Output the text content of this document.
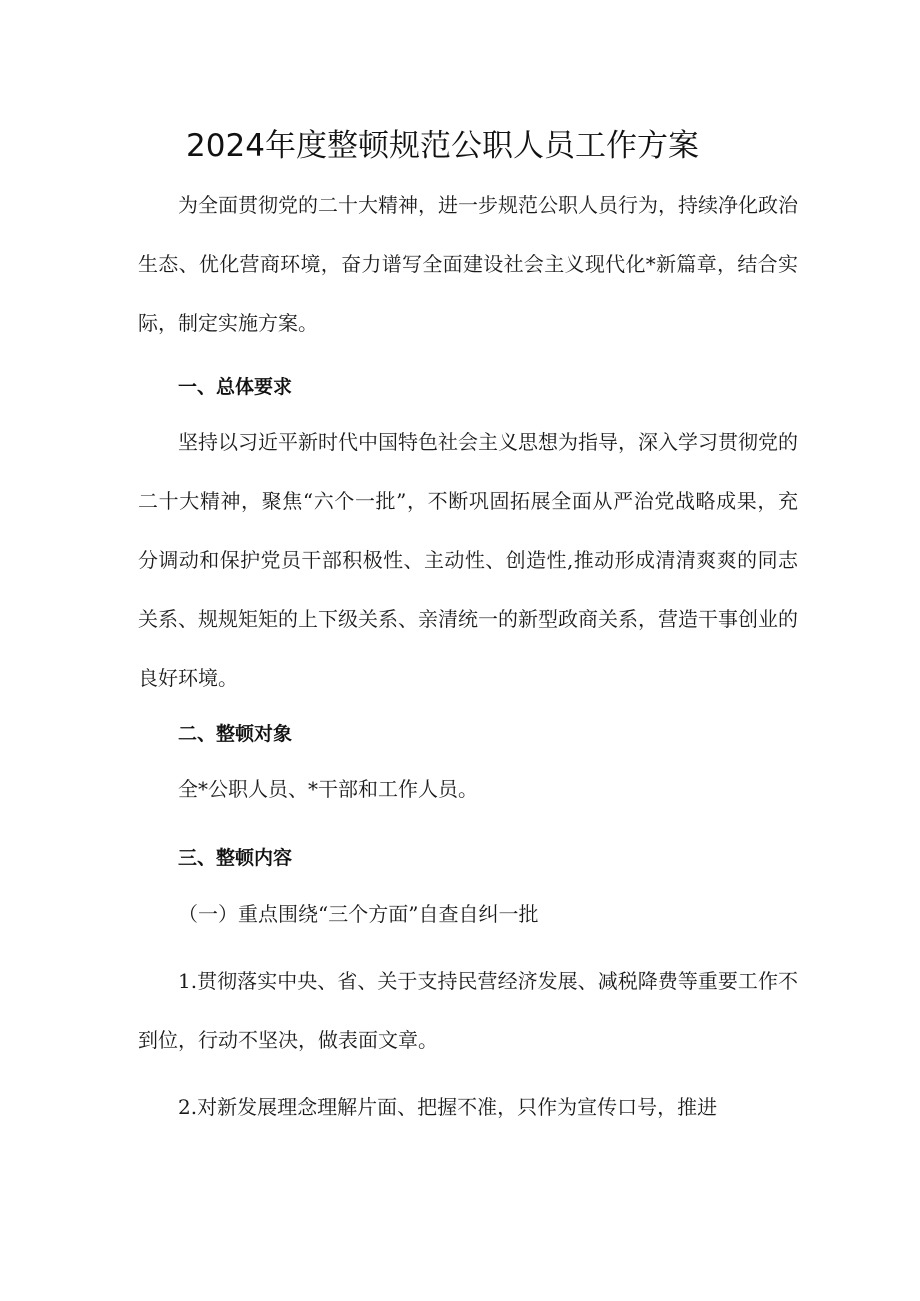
2024年度整顿规范公职人员工作方案

为全面贯彻党的二十大精神，进一步规范公职人员行为，持续净化政治生态、优化营商环境，奋力谱写全面建设社会主义现代化*新篇章，结合实际，制定实施方案。

一、总体要求

坚持以习近平新时代中国特色社会主义思想为指导，深入学习贯彻党的二十大精神，聚焦“六个一批”，不断巩固拓展全面从严治党战略成果，充分调动和保护党员干部积极性、主动性、创造性,推动形成清清爽爽的同志关系、规规矩矩的上下级关系、亲清统一的新型政商关系，营造干事创业的良好环境。

二、整顿对象

全*公职人员、*干部和工作人员。

三、整顿内容

（一）重点围绕“三个方面”自查自纠一批

1.贯彻落实中央、省、关于支持民营经济发展、减税降费等重要工作不到位，行动不坚决，做表面文章。

2.对新发展理念理解片面、把握不准，只作为宣传口号，推进
